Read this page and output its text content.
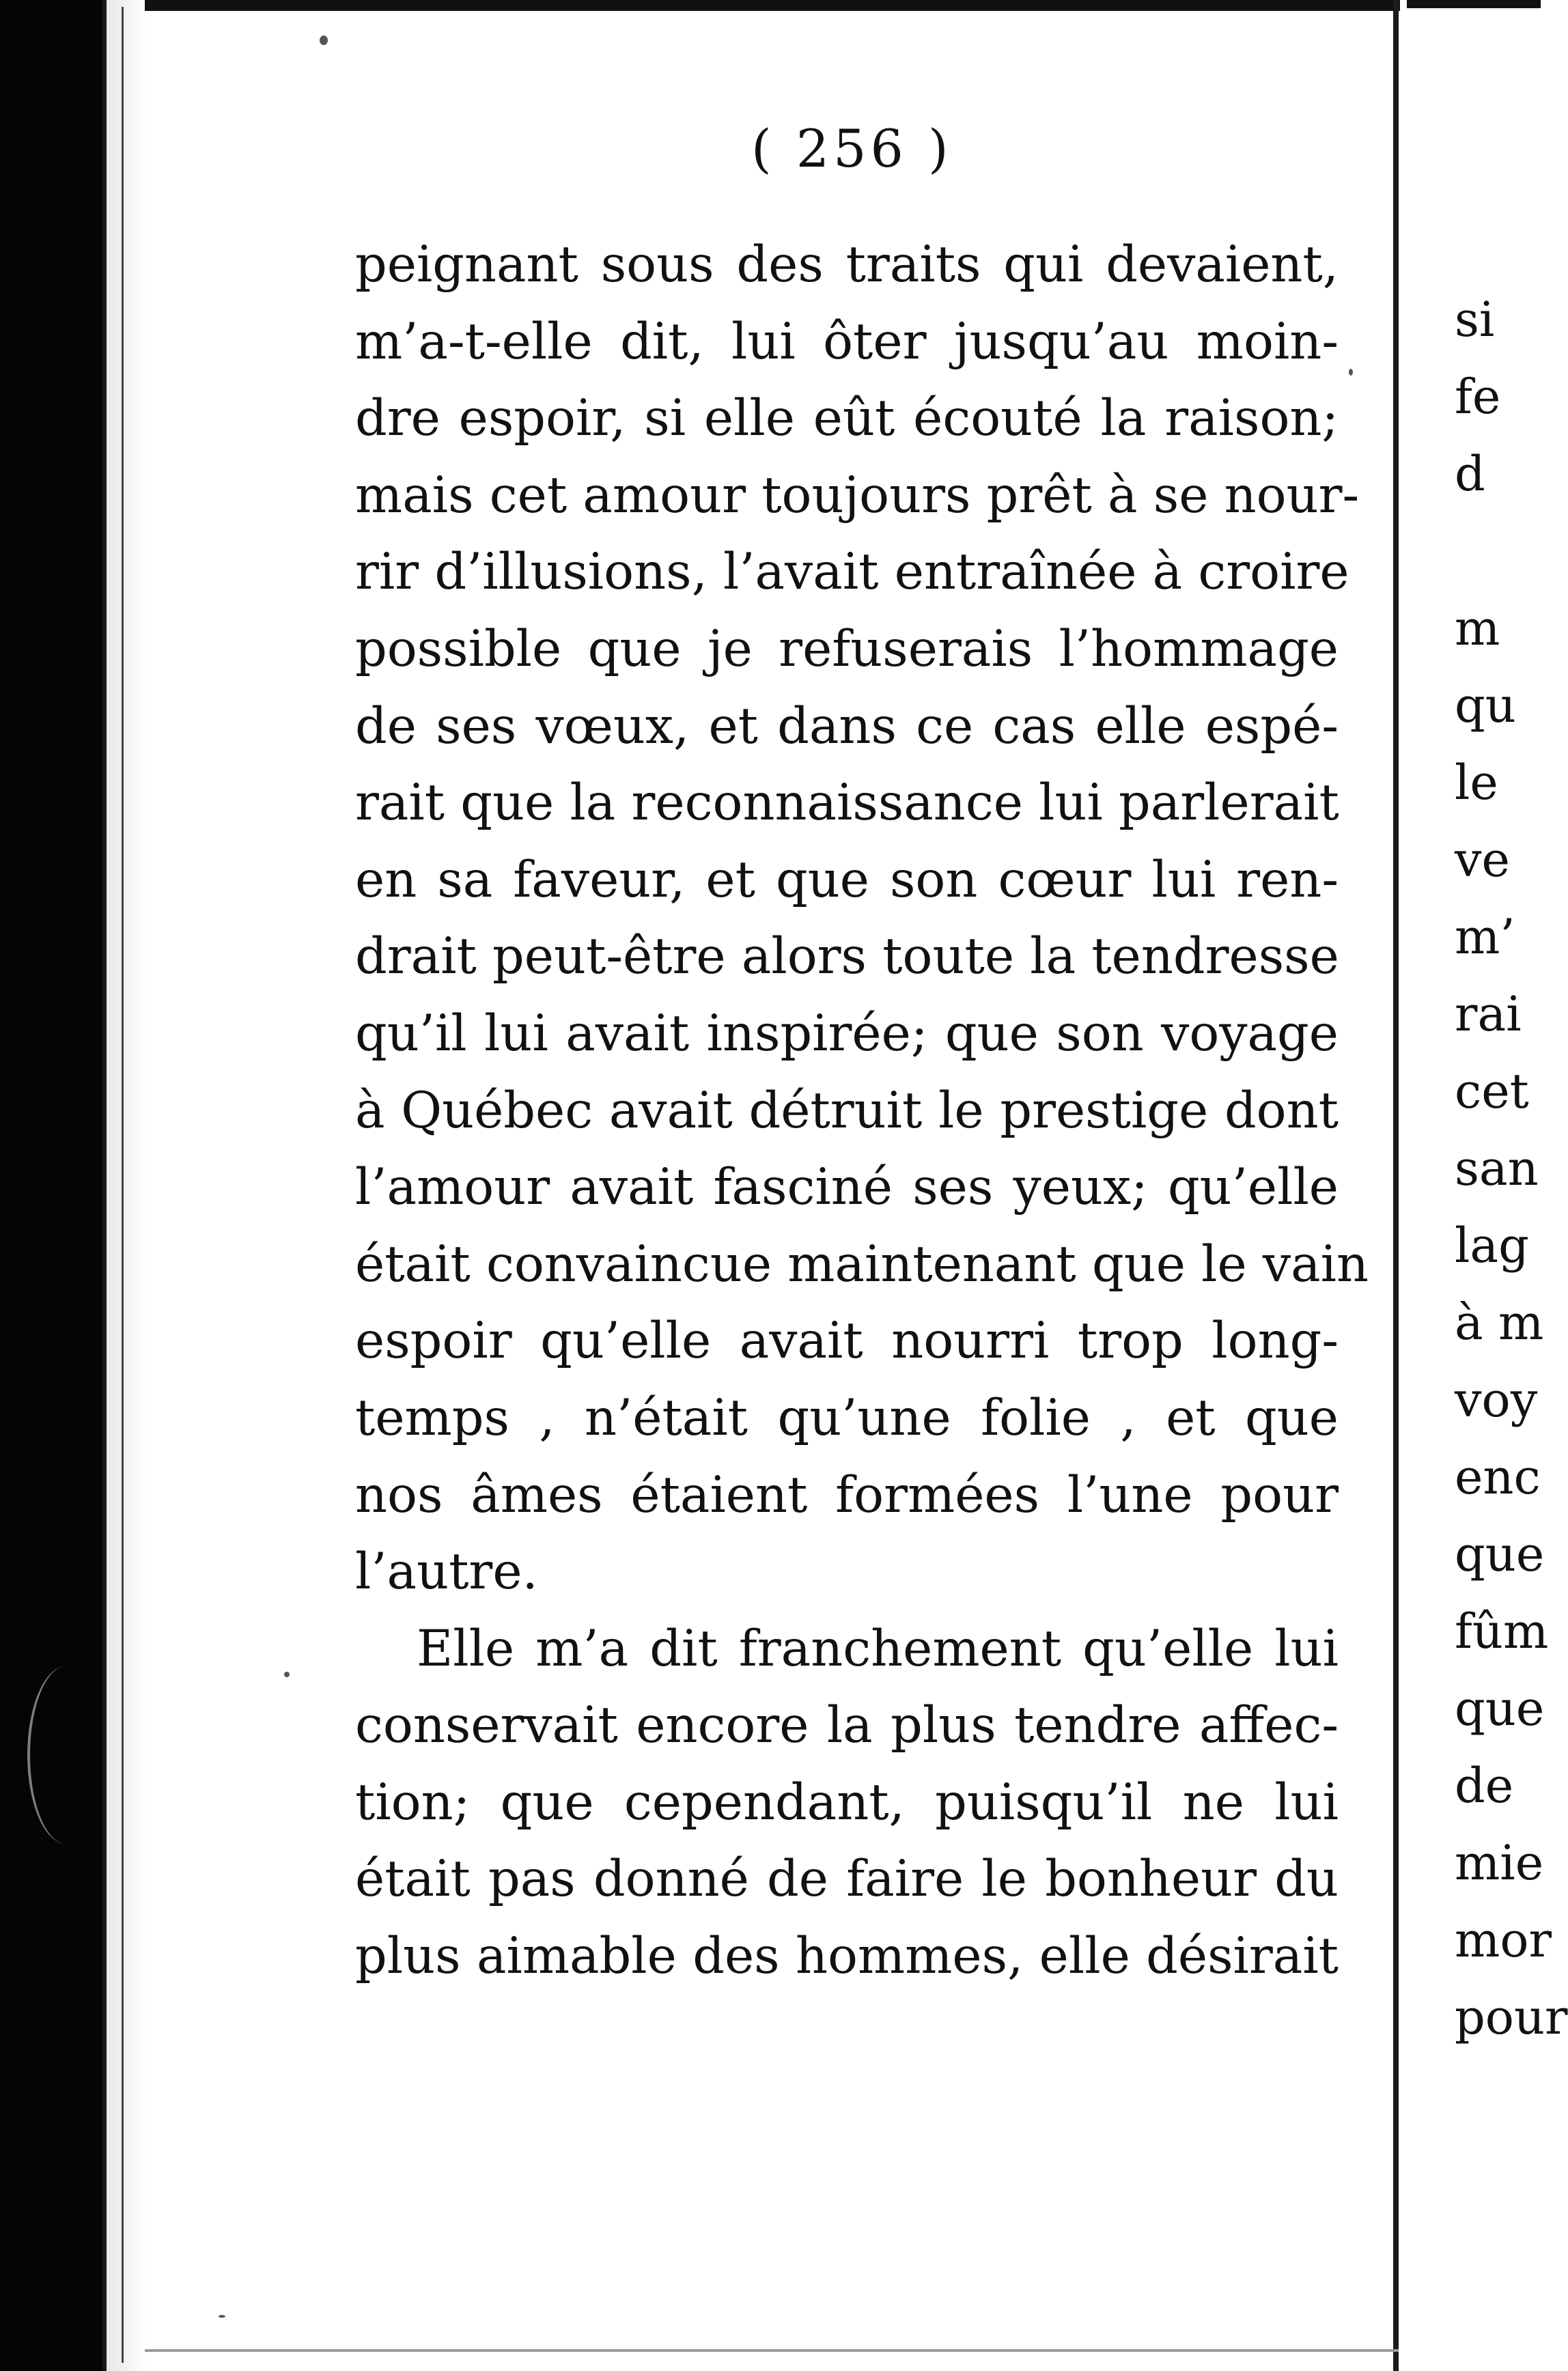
( 256 )
peignant sous des traits qui devaient,
m’a-t-elle dit, lui ôter jusqu’au moin-
dre espoir, si elle eût écouté la raison;
mais cet amour toujours prêt à se nour-
rir d’illusions, l’avait entraînée à croire
possible que je refuserais l’hommage
de ses vœux, et dans ce cas elle espé-
rait que la reconnaissance lui parlerait
en sa faveur, et que son cœur lui ren-
drait peut-être alors toute la tendresse
qu’il lui avait inspirée; que son voyage
à Québec avait détruit le prestige dont
l’amour avait fasciné ses yeux; qu’elle
était convaincue maintenant que le vain
espoir qu’elle avait nourri trop long-
temps , n’était qu’une folie , et que
nos âmes étaient formées l’une pour
l’autre.
Elle m’a dit franchement qu’elle lui
conservait encore la plus tendre affec-
tion; que cependant, puisqu’il ne lui
était pas donné de faire le bonheur du
plus aimable des hommes, elle désirait
si
fe
d
m
qu
le
ve
m’
rai
cet
san
lag
à m
voy
enc
que
fûm
que
de
mie
mor
pour
